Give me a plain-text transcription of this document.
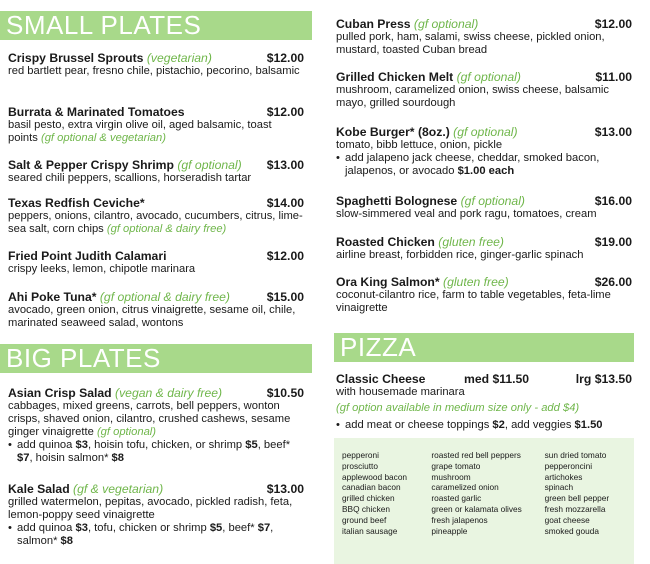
SMALL PLATES
Crispy Brussel Sprouts (vegetarian)	$12.00
red bartlett pear, fresno chile, pistachio, pecorino, balsamic
Burrata & Marinated Tomatoes	$12.00
basil pesto, extra virgin olive oil, aged balsamic, toast points (gf optional & vegetarian)
Salt & Pepper Crispy Shrimp (gf optional) $13.00
seared chili peppers, scallions, horseradish tartar
Texas Redfish Ceviche*	$14.00
peppers, onions, cilantro, avocado, cucumbers, citrus, lime-sea salt, corn chips (gf optional & dairy free)
Fried Point Judith Calamari	$12.00
crispy leeks, lemon, chipotle marinara
Ahi Poke Tuna* (gf optional & dairy free)	$15.00
avocado, green onion, citrus vinaigrette, sesame oil, chile, marinated seaweed salad, wontons
BIG PLATES
Asian Crisp Salad (vegan & dairy free)	$10.50
cabbages, mixed greens, carrots, bell peppers, wonton crisps, shaved onion, cilantro, crushed cashews, sesame ginger vinaigrette (gf optional)
• add quinoa $3, hoisin tofu, chicken, or shrimp $5, beef* $7, hoisin salmon* $8
Kale Salad (gf & vegetarian)	$13.00
grilled watermelon, pepitas, avocado, pickled radish, feta, lemon-poppy seed vinaigrette
• add quinoa $3, tofu, chicken or shrimp $5, beef* $7, salmon* $8
Cuban Press (gf optional)	$12.00
pulled pork, ham, salami, swiss cheese, pickled onion, mustard, toasted Cuban bread
Grilled Chicken Melt (gf optional)	$11.00
mushroom, caramelized onion, swiss cheese, balsamic mayo, grilled sourdough
Kobe Burger* (8oz.) (gf optional)	$13.00
tomato, bibb lettuce, onion, pickle
• add jalapeno jack cheese, cheddar, smoked bacon, jalapenos, or avocado $1.00 each
Spaghetti Bolognese (gf optional)	$16.00
slow-simmered veal and pork ragu, tomatoes, cream
Roasted Chicken (gluten free)	$19.00
airline breast, forbidden rice, ginger-garlic spinach
Ora King Salmon* (gluten free)	$26.00
coconut-cilantro rice, farm to table vegetables, feta-lime vinaigrette
PIZZA
Classic Cheese	med $11.50	lrg $13.50
with housemade marinara
(gf option available in medium size only - add $4)
• add meat or cheese toppings $2, add veggies $1.50
pepperoni
prosciutto
applewood bacon
canadian bacon
grilled chicken
BBQ chicken
ground beef
italian sausage
roasted red bell peppers
grape tomato
mushroom
caramelized onion
roasted garlic
green or kalamata olives
fresh jalapenos
pineapple
sun dried tomato
pepperoncini
artichokes
spinach
green bell pepper
fresh mozzarella
goat cheese
smoked gouda
